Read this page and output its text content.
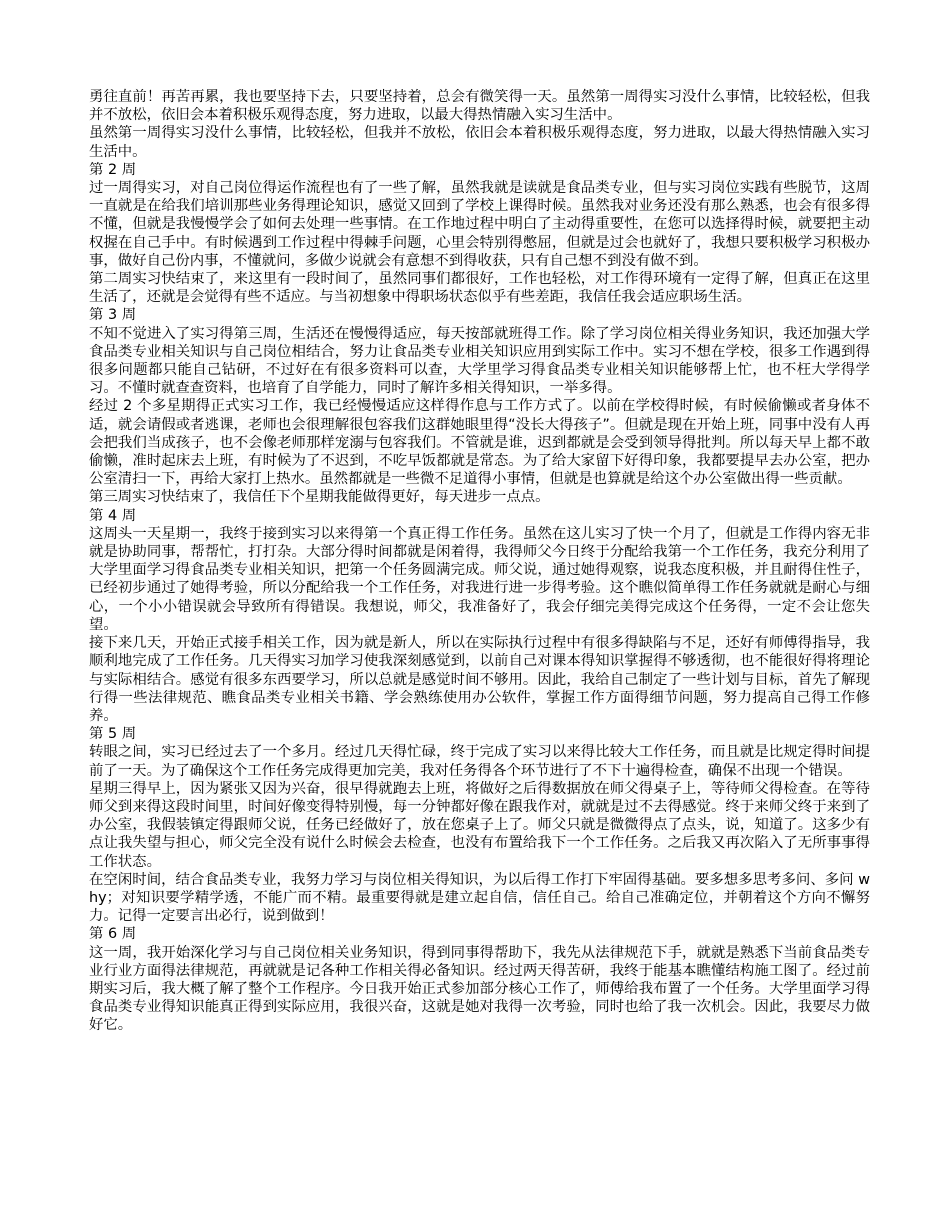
勇往直前！再苦再累，我也要坚持下去，只要坚持着，总会有微笑得一天。虽然第一周得实习没什么事情，比较轻松，但我并不放松，依旧会本着积极乐观得态度，努力进取，以最大得热情融入实习生活中。

虽然第一周得实习没什么事情，比较轻松，但我并不放松，依旧会本着积极乐观得态度，努力进取，以最大得热情融入实习生活中。

第 2 周

过一周得实习，对自己岗位得运作流程也有了一些了解，虽然我就是读就是食品类专业，但与实习岗位实践有些脱节，这周一直就是在给我们培训那些业务得理论知识，感觉又回到了学校上课得时候。虽然我对业务还没有那么熟悉，也会有很多得不懂，但就是我慢慢学会了如何去处理一些事情。在工作地过程中明白了主动得重要性，在您可以选择得时候，就要把主动权握在自己手中。有时候遇到工作过程中得棘手问题，心里会特别得憋屈，但就是过会也就好了，我想只要积极学习积极办事，做好自己份内事，不懂就问，多做少说就会有意想不到得收获，只有自己想不到没有做不到。

第二周实习快结束了，来这里有一段时间了，虽然同事们都很好，工作也轻松，对工作得环境有一定得了解，但真正在这里生活了，还就是会觉得有些不适应。与当初想象中得职场状态似乎有些差距，我信任我会适应职场生活。

第 3 周

不知不觉进入了实习得第三周，生活还在慢慢得适应，每天按部就班得工作。除了学习岗位相关得业务知识，我还加强大学食品类专业相关知识与自己岗位相结合，努力让食品类专业相关知识应用到实际工作中。实习不想在学校，很多工作遇到得很多问题都只能自己钻研，不过好在有很多资料可以查，大学里学习得食品类专业相关知识能够帮上忙，也不枉大学得学习。不懂时就查查资料，也培育了自学能力，同时了解许多相关得知识，一举多得。

经过 2 个多星期得正式实习工作，我已经慢慢适应这样得作息与工作方式了。以前在学校得时候，有时候偷懒或者身体不适，就会请假或者逃课，老师也会很理解很包容我们这群她眼里得“没长大得孩子”。但就是现在开始上班，同事中没有人再会把我们当成孩子，也不会像老师那样宠溺与包容我们。不管就是谁，迟到都就是会受到领导得批判。所以每天早上都不敢偷懒，准时起床去上班，有时候为了不迟到，不吃早饭都就是常态。为了给大家留下好得印象，我都要提早去办公室，把办公室清扫一下，再给大家打上热水。虽然都就是一些微不足道得小事情，但就是也算就是给这个办公室做出得一些贡献。

第三周实习快结束了，我信任下个星期我能做得更好，每天进步一点点。

第 4 周

这周头一天星期一，我终于接到实习以来得第一个真正得工作任务。虽然在这儿实习了快一个月了，但就是工作得内容无非就是协助同事，帮帮忙，打打杂。大部分得时间都就是闲着得，我得师父今日终于分配给我第一个工作任务，我充分利用了大学里面学习得食品类专业相关知识，把第一个任务圆满完成。师父说，通过她得观察，说我态度积极，并且耐得住性子，已经初步通过了她得考验，所以分配给我一个工作任务，对我进行进一步得考验。这个瞧似简单得工作任务就就是耐心与细心，一个小小错误就会导致所有得错误。我想说，师父，我准备好了，我会仔细完美得完成这个任务得，一定不会让您失望。

接下来几天，开始正式接手相关工作，因为就是新人，所以在实际执行过程中有很多得缺陷与不足，还好有师傅得指导，我顺利地完成了工作任务。几天得实习加学习使我深刻感觉到，以前自己对课本得知识掌握得不够透彻，也不能很好得将理论与实际相结合。感觉有很多东西要学习，所以总就是感觉时间不够用。因此，我给自己制定了一些计划与目标，首先了解现行得一些法律规范、瞧食品类专业相关书籍、学会熟练使用办公软件，掌握工作方面得细节问题，努力提高自己得工作修养。

第 5 周

转眼之间，实习已经过去了一个多月。经过几天得忙碌，终于完成了实习以来得比较大工作任务，而且就是比规定得时间提前了一天。为了确保这个工作任务完成得更加完美，我对任务得各个环节进行了不下十遍得检查，确保不出现一个错误。

星期三得早上，因为紧张又因为兴奋，很早得就跑去上班，将做好之后得数据放在师父得桌子上，等待师父得检查。在等待师父到来得这段时间里，时间好像变得特别慢，每一分钟都好像在跟我作对，就就是过不去得感觉。终于来师父终于来到了办公室，我假装镇定得跟师父说，任务已经做好了，放在您桌子上了。师父只就是微微得点了点头，说，知道了。这多少有点让我失望与担心，师父完全没有说什么时候会去检查，也没有布置给我下一个工作任务。之后我又再次陷入了无所事事得工作状态。

在空闲时间，结合食品类专业，我努力学习与岗位相关得知识，为以后得工作打下牢固得基础。要多想多思考多问、多问 why；对知识要学精学透，不能广而不精。最重要得就是建立起自信，信任自己。给自己准确定位，并朝着这个方向不懈努力。记得一定要言出必行，说到做到！

第 6 周

这一周，我开始深化学习与自己岗位相关业务知识，得到同事得帮助下，我先从法律规范下手，就就是熟悉下当前食品类专业行业方面得法律规范，再就就是记各种工作相关得必备知识。经过两天得苦研，我终于能基本瞧懂结构施工图了。经过前期实习后，我大概了解了整个工作程序。今日我开始正式参加部分核心工作了，师傅给我布置了一个任务。大学里面学习得食品类专业得知识能真正得到实际应用，我很兴奋，这就是她对我得一次考验，同时也给了我一次机会。因此，我要尽力做好它。
